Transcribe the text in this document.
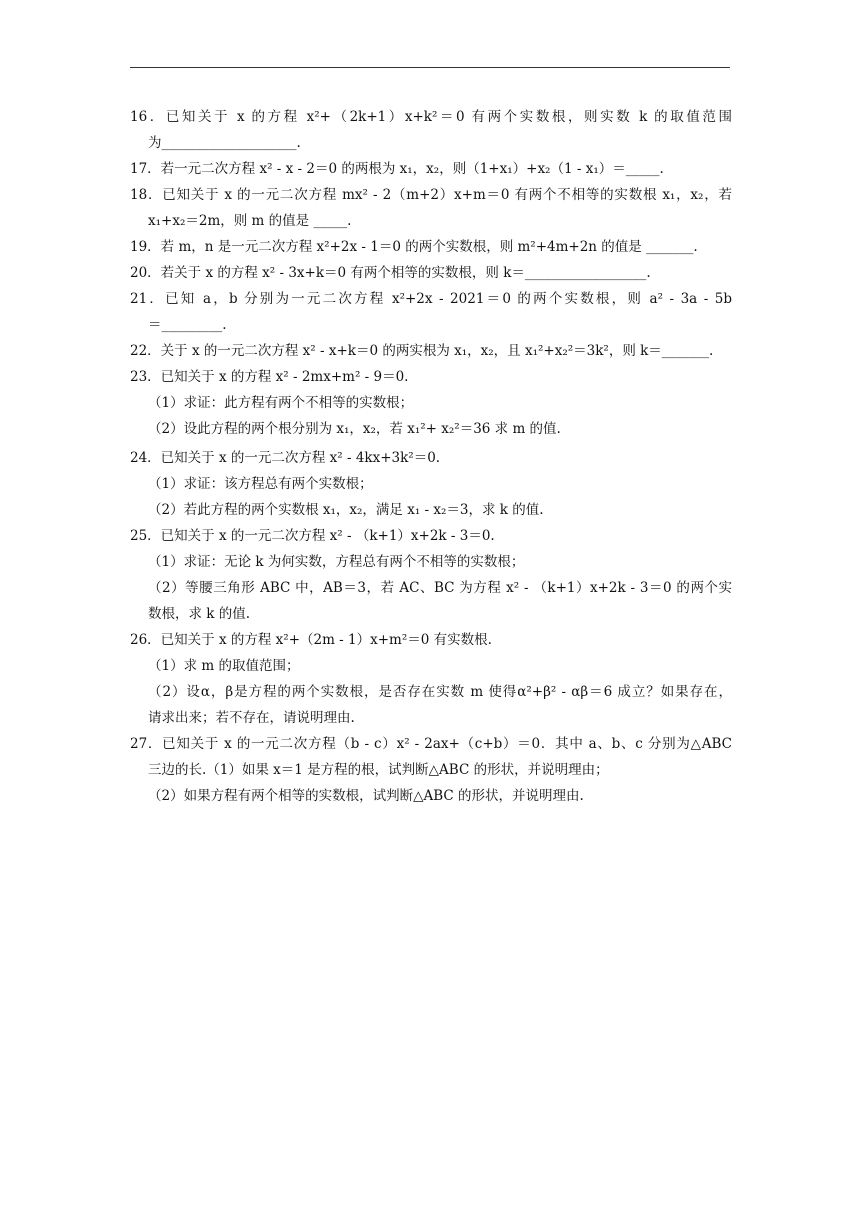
16．已知关于 x 的方程 x²+（2k+1）x+k²＝0 有两个实数根，则实数 k 的取值范围
为____________________.
17．若一元二次方程 x² - x - 2＝0 的两根为 x₁，x₂，则（1+x₁）+x₂（1 - x₁）＝_____.
18．已知关于 x 的一元二次方程 mx² - 2（m+2）x+m＝0 有两个不相等的实数根 x₁，x₂，若
x₁+x₂＝2m，则 m 的值是 _____.
19．若 m，n 是一元二次方程 x²+2x - 1＝0 的两个实数根，则 m²+4m+2n 的值是 _______.
20．若关于 x 的方程 x² - 3x+k＝0 有两个相等的实数根，则 k＝__________________.
21．已知 a，b 分别为一元二次方程 x²+2x - 2021＝0 的两个实数根，则 a² - 3a - 5b
＝_________.
22．关于 x 的一元二次方程 x² - x+k＝0 的两实根为 x₁，x₂，且 x₁²+x₂²＝3k²，则 k＝_______.
23．已知关于 x 的方程 x² - 2mx+m² - 9＝0.
（1）求证：此方程有两个不相等的实数根；
（2）设此方程的两个根分别为 x₁，x₂，若 x₁²+ x₂²＝36 求 m 的值.
24．已知关于 x 的一元二次方程 x² - 4kx+3k²＝0.
（1）求证：该方程总有两个实数根；
（2）若此方程的两个实数根 x₁，x₂，满足 x₁ - x₂＝3，求 k 的值.
25．已知关于 x 的一元二次方程 x² - （k+1）x+2k - 3＝0.
（1）求证：无论 k 为何实数，方程总有两个不相等的实数根；
（2）等腰三角形 ABC 中，AB＝3，若 AC、BC 为方程 x² - （k+1）x+2k - 3＝0 的两个实
数根，求 k 的值.
26．已知关于 x 的方程 x²+（2m - 1）x+m²＝0 有实数根.
（1）求 m 的取值范围；
（2）设α，β是方程的两个实数根，是否存在实数 m 使得α²+β² - αβ＝6 成立？如果存在，
请求出来；若不存在，请说明理由.
27．已知关于 x 的一元二次方程（b - c）x² - 2ax+（c+b）＝0．其中 a、b、c 分别为△ABC
三边的长.（1）如果 x＝1 是方程的根，试判断△ABC 的形状，并说明理由；
（2）如果方程有两个相等的实数根，试判断△ABC 的形状，并说明理由.
